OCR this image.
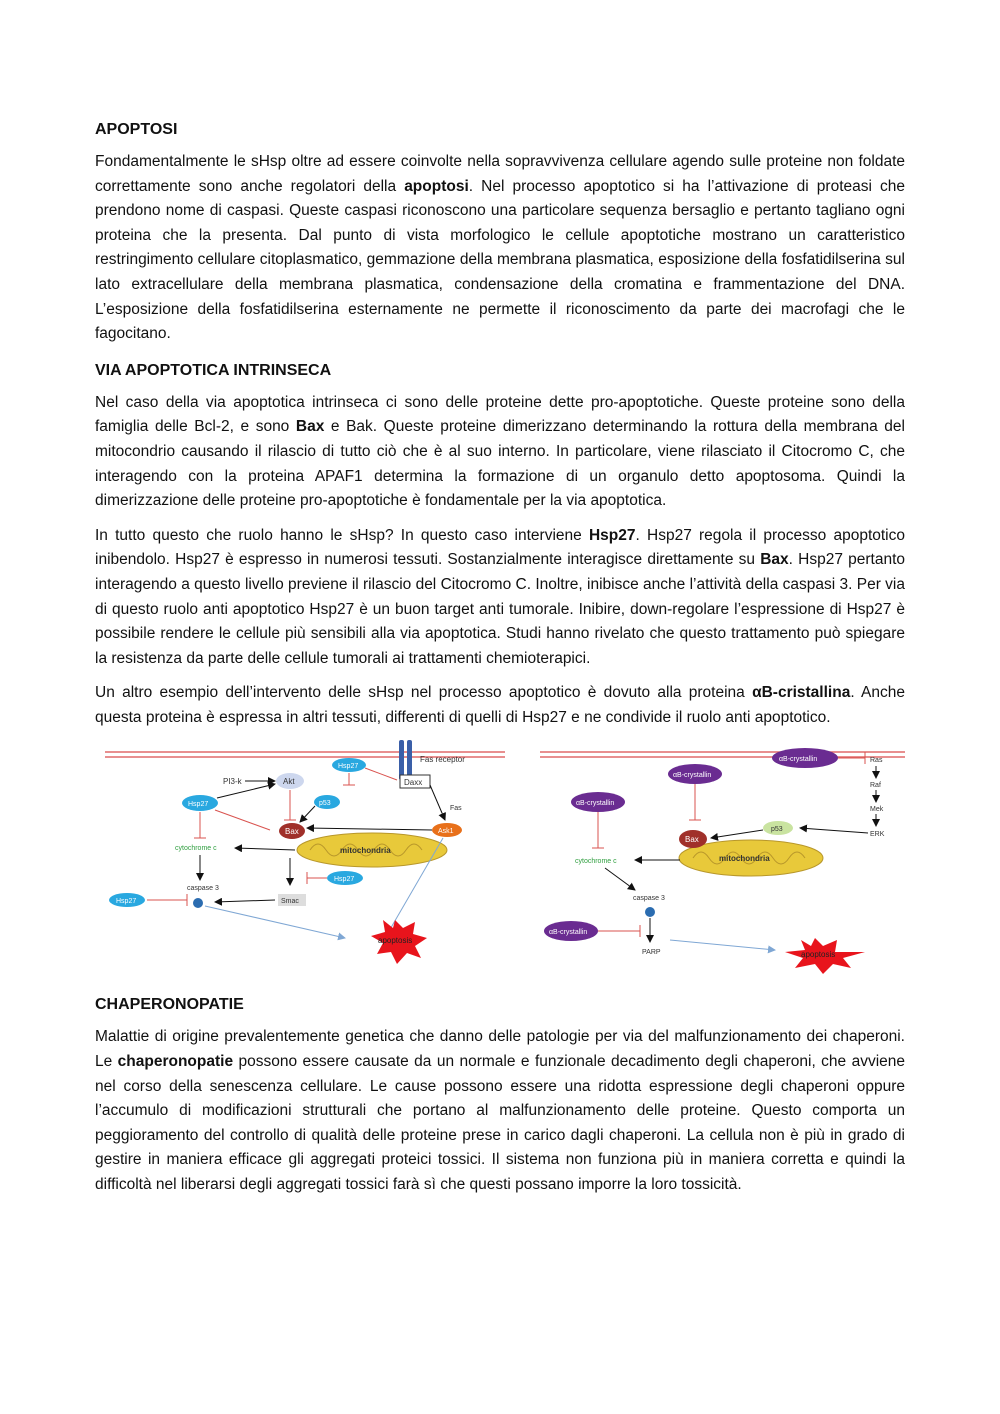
APOPTOSI

Fondamentalmente le sHsp oltre ad essere coinvolte nella sopravvivenza cellulare agendo sulle proteine non foldate correttamente sono anche regolatori della apoptosi. Nel processo apoptotico si ha l’attivazione di proteasi che prendono nome di caspasi. Queste caspasi riconoscono una particolare sequenza bersaglio e pertanto tagliano ogni proteina che la presenta. Dal punto di vista morfologico le cellule apoptotiche mostrano un caratteristico restringimento cellulare citoplasmatico, gemmazione della membrana plasmatica, esposizione della fosfatidilserina sul lato extracellulare della membrana plasmatica, condensazione della cromatina e frammentazione del DNA. L’esposizione della fosfatidilserina esternamente ne permette il riconoscimento da parte dei macrofagi che le fagocitano.

VIA APOPTOTICA INTRINSECA

Nel caso della via apoptotica intrinseca ci sono delle proteine dette pro-apoptotiche. Queste proteine sono della famiglia delle Bcl-2, e sono Bax e Bak. Queste proteine dimerizzano determinando la rottura della membrana del mitocondrio causando il rilascio di tutto ciò che è al suo interno. In particolare, viene rilasciato il Citocromo C, che interagendo con la proteina APAF1 determina la formazione di un organulo detto apoptosoma. Quindi la dimerizzazione delle proteine pro-apoptotiche è fondamentale per la via apoptotica.

In tutto questo che ruolo hanno le sHsp? In questo caso interviene Hsp27. Hsp27 regola il processo apoptotico inibendolo. Hsp27 è espresso in numerosi tessuti. Sostanzialmente interagisce direttamente su Bax. Hsp27 pertanto interagendo a questo livello previene il rilascio del Citocromo C. Inoltre, inibisce anche l’attività della caspasi 3. Per via di questo ruolo anti apoptotico Hsp27 è un buon target anti tumorale. Inibire, down-regolare l’espressione di Hsp27 è possibile rendere le cellule più sensibili alla via apoptotica. Studi hanno rivelato che questo trattamento può spiegare la resistenza da parte delle cellule tumorali ai trattamenti chemioterapici.

Un altro esempio dell’intervento delle sHsp nel processo apoptotico è dovuto alla proteina αB-cristallina. Anche questa proteina è espressa in altri tessuti, differenti di quelli di Hsp27 e ne condivide il ruolo anti apoptotico.

Fas receptor
Daxx
Hsp27
PI3-k	Akt
p53
Hsp27
mitochondria
Bax
Fas
Ask1
cytochrome c
caspase 3
Hsp27	Smac
Hsp27
apoptosis
αB-crystallin	Ras
Raf
Mek
ERK
αB-crystallin
αB-crystallin
p53
mitochondria
Bax
cytochrome c
caspase 3
αB-crystallin
PARP	apoptosis
CHAPERONOPATIE

Malattie di origine prevalentemente genetica che danno delle patologie per via del malfunzionamento dei chaperoni. Le chaperonopatie possono essere causate da un normale e funzionale decadimento degli chaperoni, che avviene nel corso della senescenza cellulare. Le cause possono essere una ridotta espressione degli chaperoni oppure l’accumulo di modificazioni strutturali che portano al malfunzionamento delle proteine. Questo comporta un peggioramento del controllo di qualità delle proteine prese in carico dagli chaperoni. La cellula non è più in grado di gestire in maniera efficace gli aggregati proteici tossici. Il sistema non funziona più in maniera corretta e quindi la difficoltà nel liberarsi degli aggregati tossici farà sì che questi possano imporre la loro tossicità.
